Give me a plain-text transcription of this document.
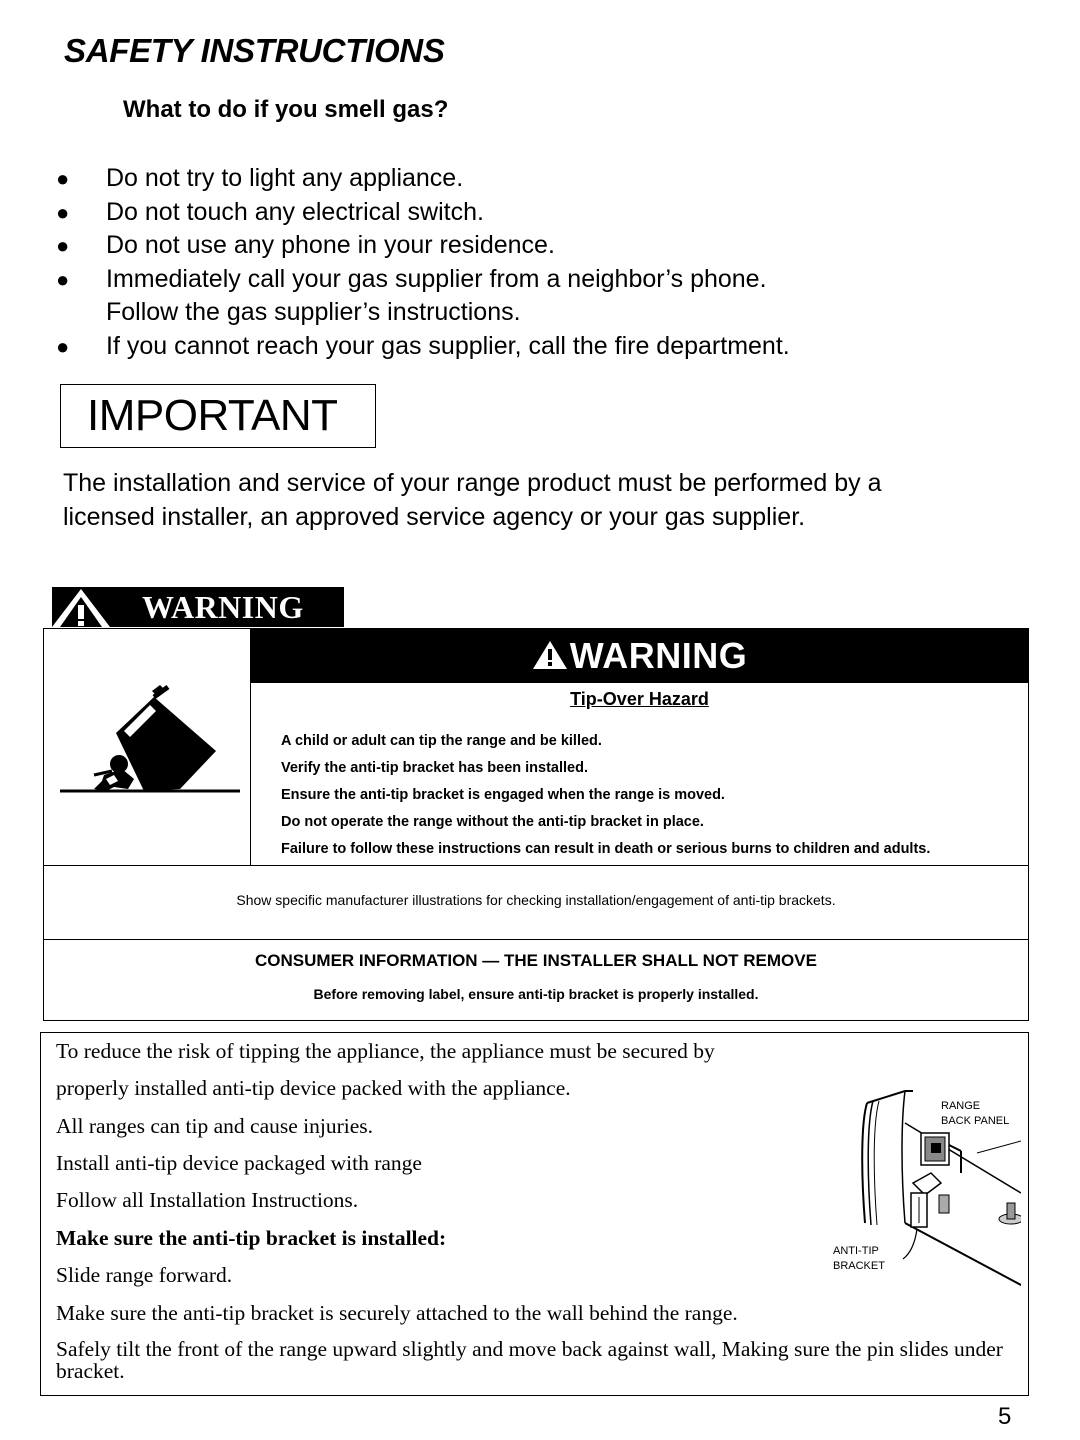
SAFETY INSTRUCTIONS
What to do if you smell gas?
● Do not try to light any appliance.
● Do not touch any electrical switch.
● Do not use any phone in your residence.
● Immediately call your gas supplier from a neighbor’s phone.
Follow the gas supplier’s instructions.
● If you cannot reach your gas supplier, call the fire department.
IMPORTANT
The installation and service of your range product must be performed by a
licensed installer, an approved service agency or your gas supplier.
WARNING
WARNING
Tip-Over Hazard
A child or adult can tip the range and be killed.
Verify the anti-tip bracket has been installed.
Ensure the anti-tip bracket is engaged when the range is moved.
Do not operate the range without the anti-tip bracket in place.
Failure to follow these instructions can result in death or serious burns to children and adults.
Show specific manufacturer illustrations for checking installation/engagement of anti-tip brackets.
CONSUMER INFORMATION — THE INSTALLER SHALL NOT REMOVE
Before removing label, ensure anti-tip bracket is properly installed.
To reduce the risk of tipping the appliance, the appliance must be secured by
properly installed anti-tip device packed with the appliance.
All ranges can tip and cause injuries.
Install anti-tip device packaged with range
Follow all Installation Instructions.
Make sure the anti-tip bracket is installed:
Slide range forward.
Make sure the anti-tip bracket is securely attached to the wall behind the range.
Safely tilt the front of the range upward slightly and move back against wall, Making sure the pin slides under bracket.
RANGE
BACK PANEL
ANTI-TIP
BRACKET
5
